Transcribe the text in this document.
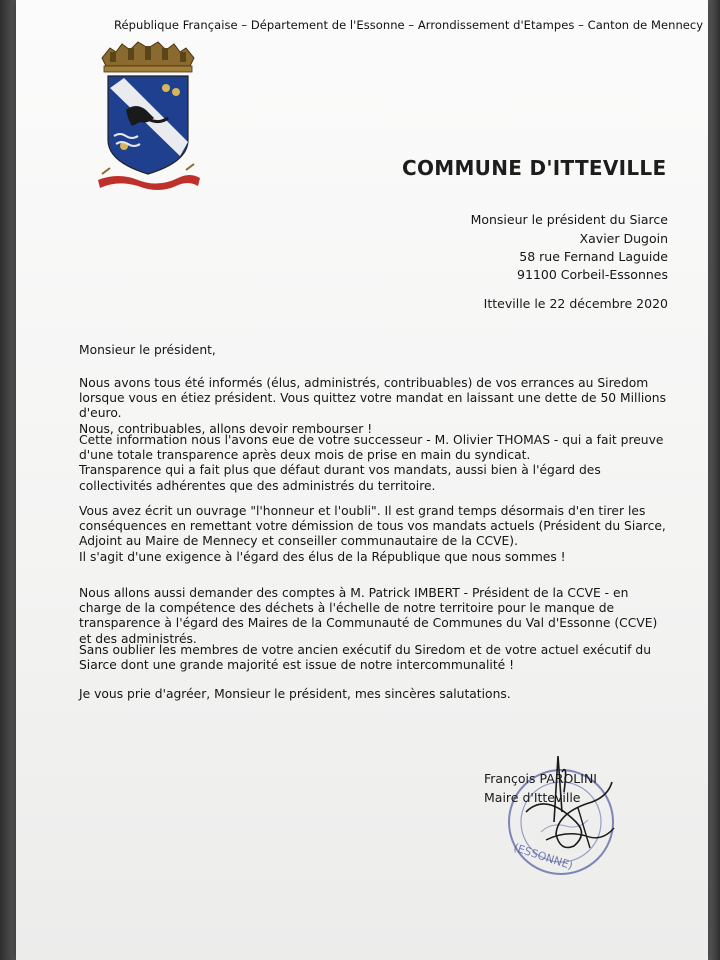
République Française – Département de l'Essonne – Arrondissement d'Etampes – Canton de Mennecy
COMMUNE D'ITTEVILLE
Monsieur le président du Siarce
Xavier Dugoin
58 rue Fernand Laguide
91100 Corbeil-Essonnes
Itteville le 22 décembre 2020
Monsieur le président,

Nous avons tous été informés (élus, administrés, contribuables) de vos errances au Siredom lorsque vous en étiez président. Vous quittez votre mandat en laissant une dette de 50 Millions d'euro.

Nous, contribuables, allons devoir rembourser !

Cette information nous l'avons eue de votre successeur - M. Olivier THOMAS - qui a fait preuve d'une totale transparence après deux mois de prise en main du syndicat.

Transparence qui a fait plus que défaut durant vos mandats, aussi bien à l'égard des collectivités adhérentes que des administrés du territoire.

Vous avez écrit un ouvrage "l'honneur et l'oubli". Il est grand temps désormais d'en tirer les conséquences en remettant votre démission de tous vos mandats actuels (Président du Siarce, Adjoint au Maire de Mennecy et conseiller communautaire de la CCVE).

Il s'agit d'une exigence à l'égard des élus de la République que nous sommes !

Nous allons aussi demander des comptes à M. Patrick IMBERT - Président de la CCVE - en charge de la compétence des déchets à l'échelle de notre territoire pour le manque de transparence à l'égard des Maires de la Communauté de Communes du Val d'Essonne (CCVE) et des administrés.

Sans oublier les membres de votre ancien exécutif du Siredom et de votre actuel exécutif du Siarce dont une grande majorité est issue de notre intercommunalité !

Je vous prie d'agréer, Monsieur le président, mes sincères salutations.

(ESSONNE)
François PAROLINI
Maire d'Itteville
